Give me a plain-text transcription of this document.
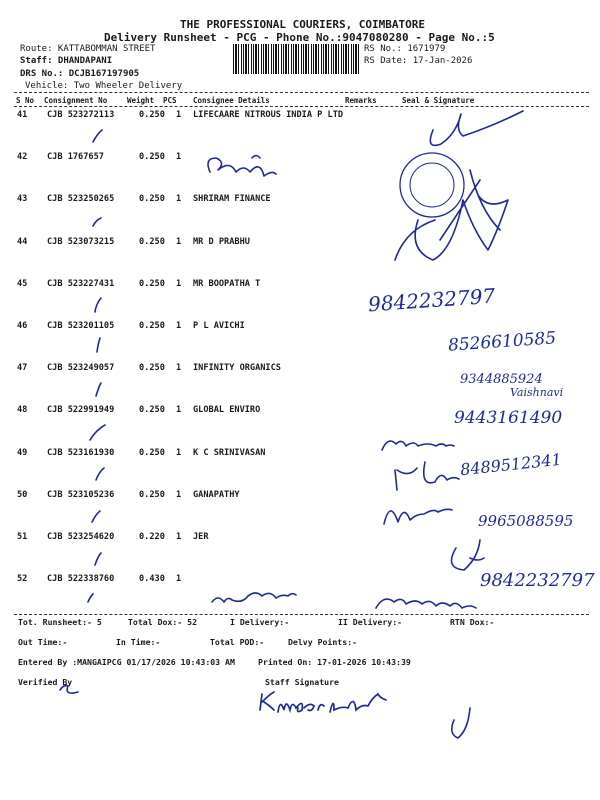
THE PROFESSIONAL COURIERS, COIMBATORE
Delivery Runsheet - PCG - Phone No.:9047080280 - Page No.:5
Route: KATTABOMMAN STREET
Staff: DHANDAPANI
DRS No.: DCJB167197905
Vehicle: Two Wheeler Delivery
RS No.: 1671979
RS Date: 17-Jan-2026
S No Consignment No	Weight PCS Consignee Details	Remarks	Seal & Signature
41 CJB 523272113	0.250 1 LIFECAARE NITROUS INDIA P LTD
42 CJB 1767657	0.250 1
43 CJB 523250265	0.250 1 SHRIRAM FINANCE
44 CJB 523073215	0.250 1 MR D PRABHU
45 CJB 523227431	0.250 1 MR BOOPATHA T
46 CJB 523201105	0.250 1 P L AVICHI
47 CJB 523249057	0.250 1 INFINITY ORGANICS
48 CJB 522991949	0.250 1 GLOBAL ENVIRO
49 CJB 523161930	0.250 1 K C SRINIVASAN
50 CJB 523105236	0.250 1 GANAPATHY
51 CJB 523254620	0.220 1 JER
52 CJB 522338760	0.430 1
9842232797
8526610585
9344885924
Vaishnavi
9443161490
8489512341
9965088595
9842232797
Tot. Runsheet:- 5	Total Dox:- 52	I Delivery:-	II Delivery:-	RTN Dox:-
Out Time:-	In Time:-	Total POD:-	Delvy Points:-
Entered By :MANGAIPCG 01/17/2026 10:43:03 AM	Printed On: 17-01-2026 10:43:39
Verified By	Staff Signature
